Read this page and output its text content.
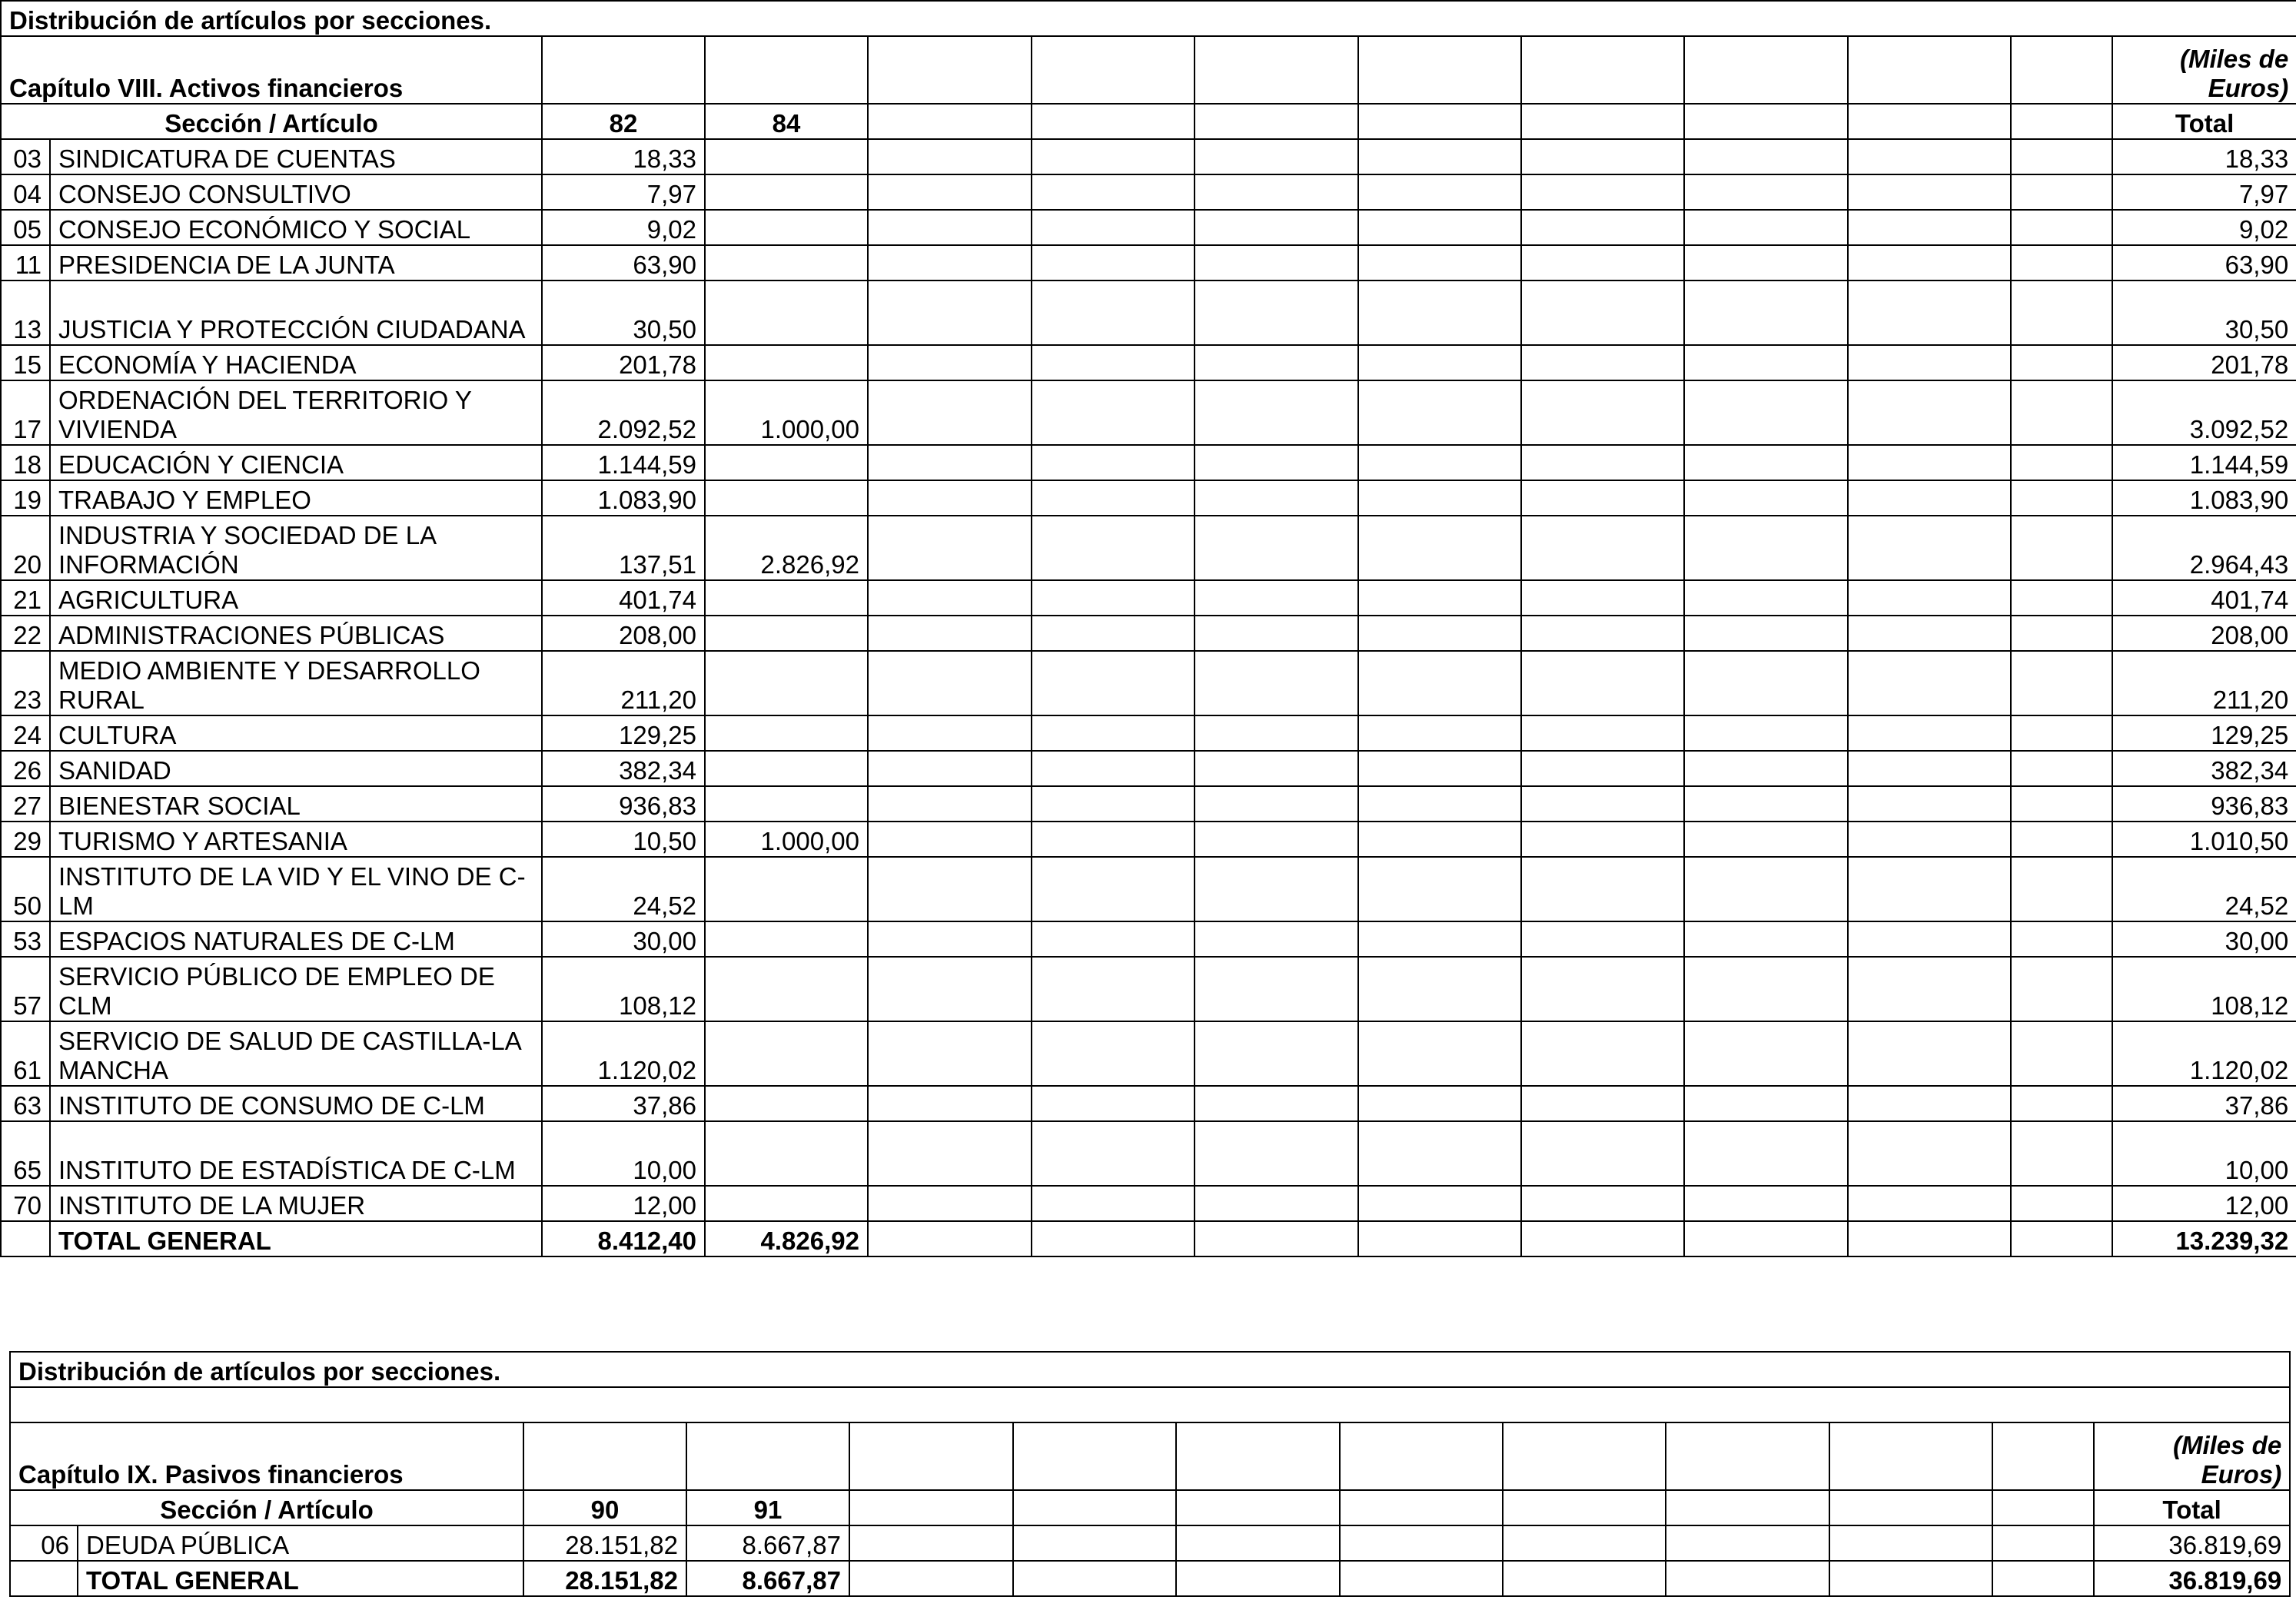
Distribución de artículos por secciones.												
Capítulo VIII. Activos financieros												(Miles de Euros)
Sección / Artículo		82	84									Total
03	SINDICATURA DE CUENTAS	18,33										18,33
04	CONSEJO CONSULTIVO	7,97										7,97
05	CONSEJO ECONÓMICO Y SOCIAL	9,02										9,02
11	PRESIDENCIA DE LA JUNTA	63,90										63,90
13	JUSTICIA Y PROTECCIÓN CIUDADANA	30,50										30,50
15	ECONOMÍA Y HACIENDA	201,78										201,78
17	ORDENACIÓN DEL TERRITORIO Y VIVIENDA	2.092,52	1.000,00									3.092,52
18	EDUCACIÓN Y CIENCIA	1.144,59										1.144,59
19	TRABAJO Y EMPLEO	1.083,90										1.083,90
20	INDUSTRIA Y SOCIEDAD DE LA INFORMACIÓN	137,51	2.826,92									2.964,43
21	AGRICULTURA	401,74										401,74
22	ADMINISTRACIONES PÚBLICAS	208,00										208,00
23	MEDIO AMBIENTE Y DESARROLLO RURAL	211,20										211,20
24	CULTURA	129,25										129,25
26	SANIDAD	382,34										382,34
27	BIENESTAR SOCIAL	936,83										936,83
29	TURISMO Y ARTESANIA	10,50	1.000,00									1.010,50
50	INSTITUTO DE LA VID Y EL VINO DE C-LM	24,52										24,52
53	ESPACIOS NATURALES DE C-LM	30,00										30,00
57	SERVICIO PÚBLICO DE EMPLEO DE CLM	108,12										108,12
61	SERVICIO DE SALUD DE CASTILLA-LA MANCHA	1.120,02										1.120,02
63	INSTITUTO DE CONSUMO DE C-LM	37,86										37,86
65	INSTITUTO DE ESTADÍSTICA DE C-LM	10,00										10,00
70	INSTITUTO DE LA MUJER	12,00										12,00
	TOTAL GENERAL	8.412,40	4.826,92									13.239,32
Distribución de artículos por secciones.												

Capítulo IX. Pasivos financieros												(Miles de Euros)
Sección / Artículo		90	91									Total
06	DEUDA PÚBLICA	28.151,82	8.667,87									36.819,69
	TOTAL GENERAL	28.151,82	8.667,87									36.819,69
